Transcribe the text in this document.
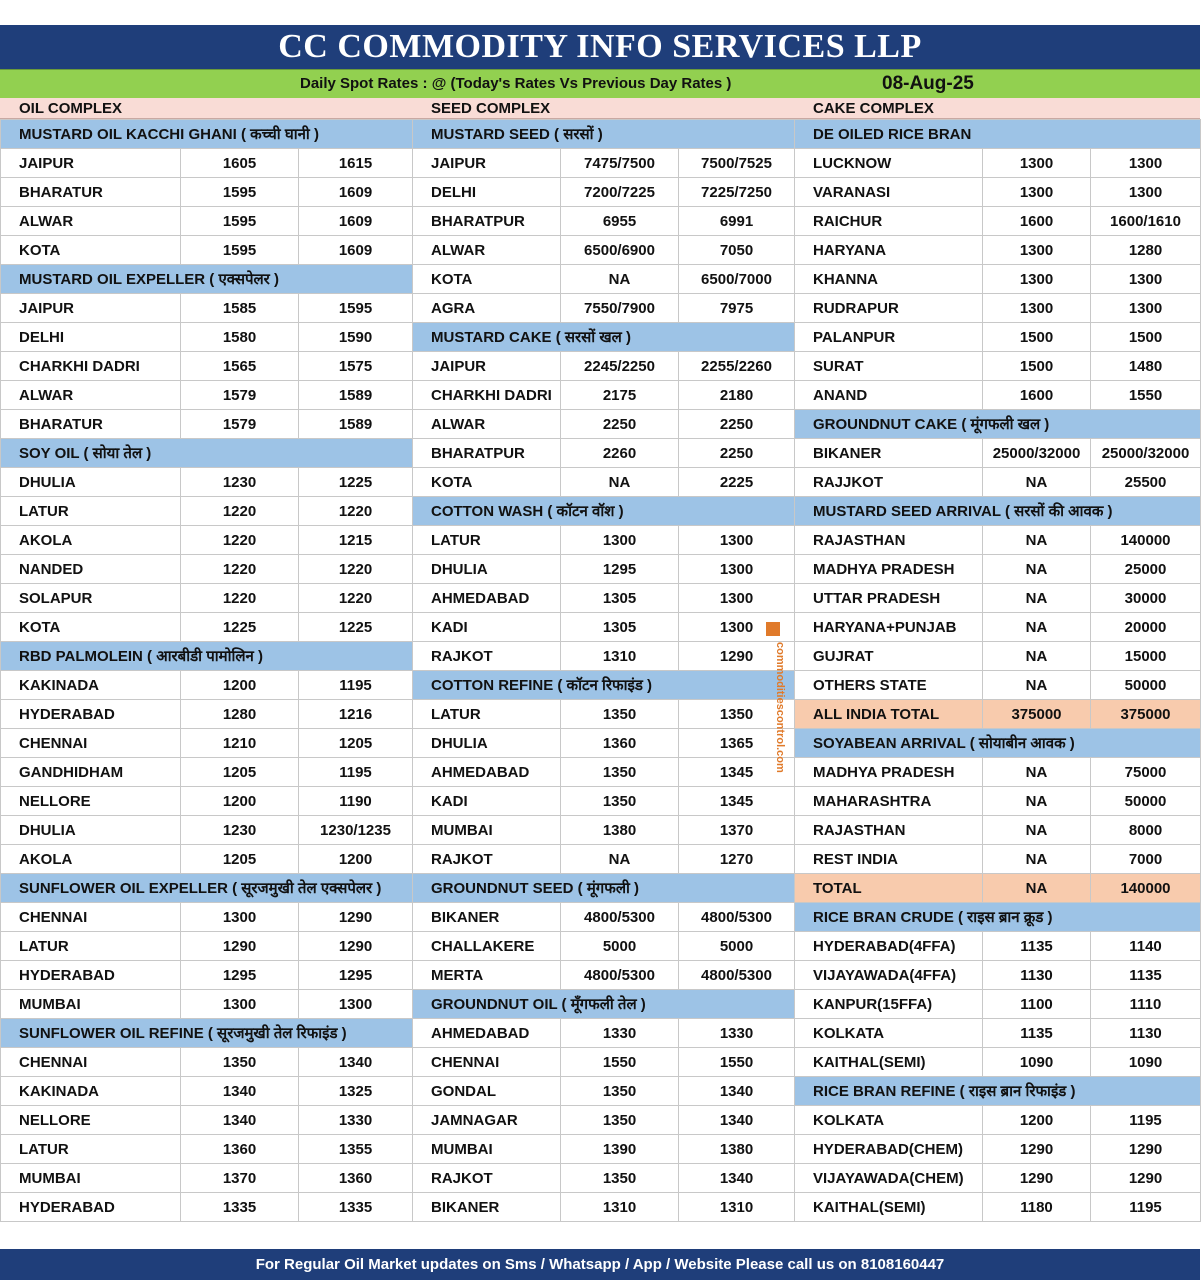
CC COMMODITY INFO SERVICES LLP
Daily Spot Rates : @ (Today's Rates Vs Previous Day Rates )	08-Aug-25
OIL COMPLEX
MUSTARD OIL KACCHI GHANI ( कच्ची घानी )		
JAIPUR	1605	1615
BHARATUR	1595	1609
ALWAR	1595	1609
KOTA	1595	1609
MUSTARD OIL EXPELLER ( एक्सपेलर )		
JAIPUR	1585	1595
DELHI	1580	1590
CHARKHI DADRI	1565	1575
ALWAR	1579	1589
BHARATUR	1579	1589
SOY OIL ( सोया तेल )		
DHULIA	1230	1225
LATUR	1220	1220
AKOLA	1220	1215
NANDED	1220	1220
SOLAPUR	1220	1220
KOTA	1225	1225
RBD PALMOLEIN ( आरबीडी पामोलिन )		
KAKINADA	1200	1195
HYDERABAD	1280	1216
CHENNAI	1210	1205
GANDHIDHAM	1205	1195
NELLORE	1200	1190
DHULIA	1230	1230/1235
AKOLA	1205	1200
SUNFLOWER OIL EXPELLER ( सूरजमुखी तेल एक्सपेलर )		
CHENNAI	1300	1290
LATUR	1290	1290
HYDERABAD	1295	1295
MUMBAI	1300	1300
SUNFLOWER OIL REFINE ( सूरजमुखी तेल रिफाइंड )		
CHENNAI	1350	1340
KAKINADA	1340	1325
NELLORE	1340	1330
LATUR	1360	1355
MUMBAI	1370	1360
HYDERABAD	1335	1335
SEED COMPLEX
MUSTARD SEED ( सरसों )		
JAIPUR	7475/7500	7500/7525
DELHI	7200/7225	7225/7250
BHARATPUR	6955	6991
ALWAR	6500/6900	7050
KOTA	NA	6500/7000
AGRA	7550/7900	7975
MUSTARD CAKE ( सरसों खल )		
JAIPUR	2245/2250	2255/2260
CHARKHI DADRI	2175	2180
ALWAR	2250	2250
BHARATPUR	2260	2250
KOTA	NA	2225
COTTON WASH ( कॉटन वॉश )		
LATUR	1300	1300
DHULIA	1295	1300
AHMEDABAD	1305	1300
KADI	1305	1300
RAJKOT	1310	1290
COTTON REFINE ( कॉटन रिफाइंड )		
LATUR	1350	1350
DHULIA	1360	1365
AHMEDABAD	1350	1345
KADI	1350	1345
MUMBAI	1380	1370
RAJKOT	NA	1270
GROUNDNUT SEED ( मूंगफली )		
BIKANER	4800/5300	4800/5300
CHALLAKERE	5000	5000
MERTA	4800/5300	4800/5300
GROUNDNUT OIL ( मूँगफली तेल )		
AHMEDABAD	1330	1330
CHENNAI	1550	1550
GONDAL	1350	1340
JAMNAGAR	1350	1340
MUMBAI	1390	1380
RAJKOT	1350	1340
BIKANER	1310	1310
CAKE COMPLEX
DE OILED RICE BRAN		
LUCKNOW	1300	1300
VARANASI	1300	1300
RAICHUR	1600	1600/1610
HARYANA	1300	1280
KHANNA	1300	1300
RUDRAPUR	1300	1300
PALANPUR	1500	1500
SURAT	1500	1480
ANAND	1600	1550
GROUNDNUT CAKE ( मूंगफली खल )		
BIKANER	25000/32000	25000/32000
RAJJKOT	NA	25500
MUSTARD SEED ARRIVAL ( सरसों की आवक )		
RAJASTHAN	NA	140000
MADHYA PRADESH	NA	25000
UTTAR PRADESH	NA	30000
HARYANA+PUNJAB	NA	20000
GUJRAT	NA	15000
OTHERS STATE	NA	50000
ALL INDIA TOTAL	375000	375000
SOYABEAN ARRIVAL ( सोयाबीन आवक )		
MADHYA PRADESH	NA	75000
MAHARASHTRA	NA	50000
RAJASTHAN	NA	8000
REST INDIA	NA	7000
TOTAL	NA	140000
RICE BRAN CRUDE ( राइस ब्रान क्रूड )		
HYDERABAD(4FFA)	1135	1140
VIJAYAWADA(4FFA)	1130	1135
KANPUR(15FFA)	1100	1110
KOLKATA	1135	1130
KAITHAL(SEMI)	1090	1090
RICE BRAN REFINE ( राइस ब्रान रिफाइंड )		
KOLKATA	1200	1195
HYDERABAD(CHEM)	1290	1290
VIJAYAWADA(CHEM)	1290	1290
KAITHAL(SEMI)	1180	1195
commoditiescontrol.com
For Regular Oil Market updates on Sms / Whatsapp / App / Website Please call us on 8108160447
